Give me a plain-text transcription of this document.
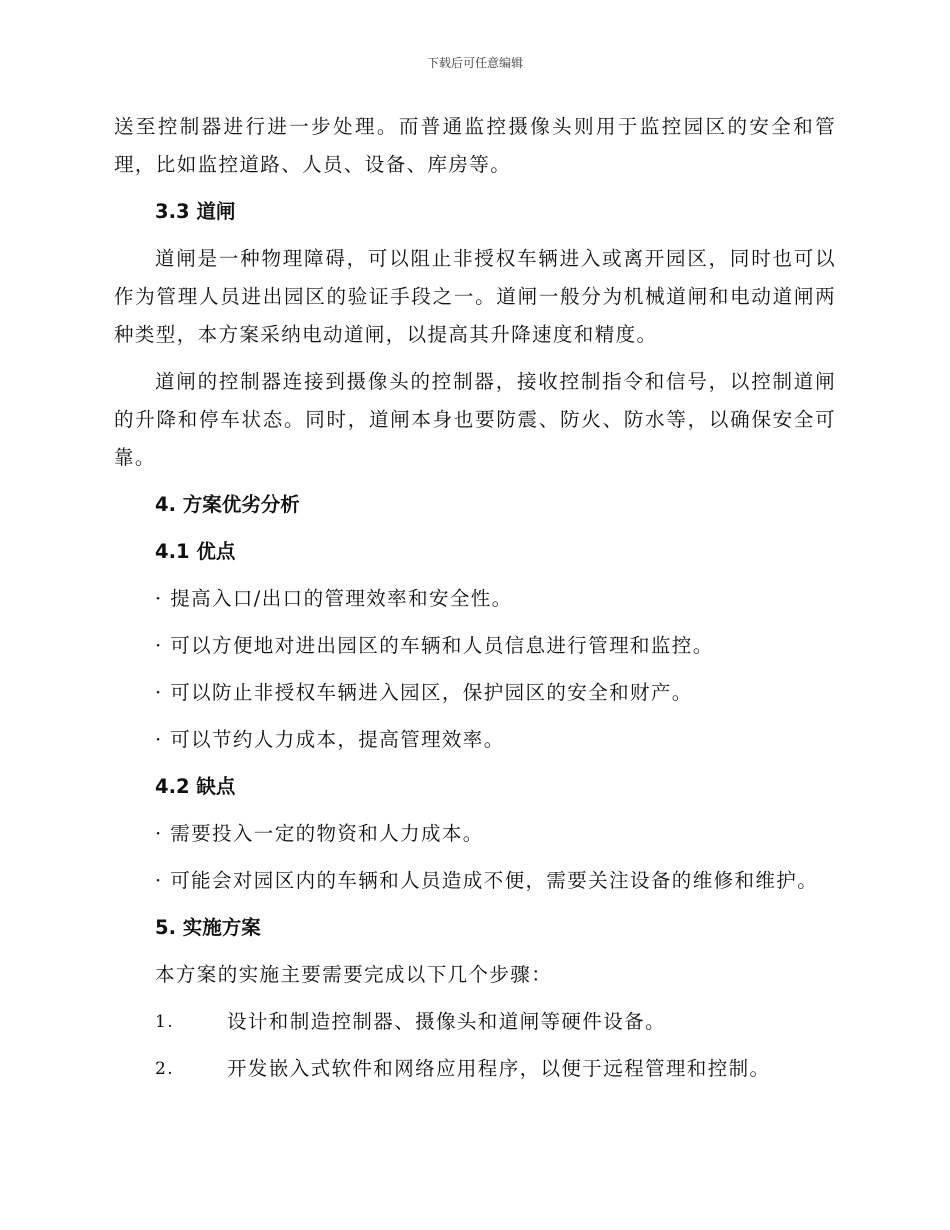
下载后可任意编辑

送至控制器进行进一步处理。而普通监控摄像头则用于监控园区的安全和管理，比如监控道路、人员、设备、库房等。

3.3 道闸

道闸是一种物理障碍，可以阻止非授权车辆进入或离开园区，同时也可以作为管理人员进出园区的验证手段之一。道闸一般分为机械道闸和电动道闸两种类型，本方案采纳电动道闸，以提高其升降速度和精度。

道闸的控制器连接到摄像头的控制器，接收控制指令和信号，以控制道闸的升降和停车状态。同时，道闸本身也要防震、防火、防水等，以确保安全可靠。

4. 方案优劣分析

4.1 优点

· 提高入口/出口的管理效率和安全性。

· 可以方便地对进出园区的车辆和人员信息进行管理和监控。

· 可以防止非授权车辆进入园区，保护园区的安全和财产。

· 可以节约人力成本，提高管理效率。

4.2 缺点

· 需要投入一定的物资和人力成本。

· 可能会对园区内的车辆和人员造成不便，需要关注设备的维修和维护。

5. 实施方案

本方案的实施主要需要完成以下几个步骤：

1.	设计和制造控制器、摄像头和道闸等硬件设备。
2.	开发嵌入式软件和网络应用程序，以便于远程管理和控制。
